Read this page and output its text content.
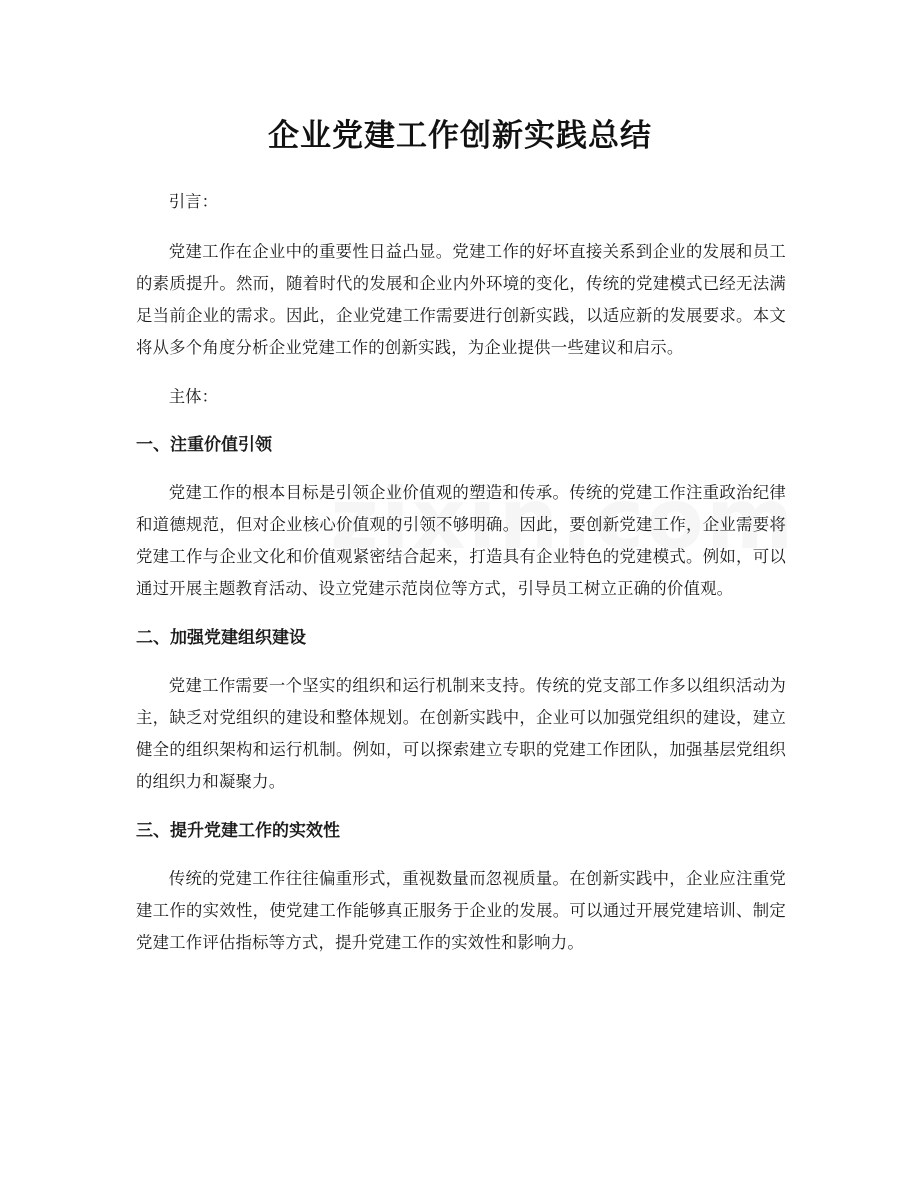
企业党建工作创新实践总结

引言：

党建工作在企业中的重要性日益凸显。党建工作的好坏直接关系到企业的发展和员工的素质提升。然而，随着时代的发展和企业内外环境的变化，传统的党建模式已经无法满足当前企业的需求。因此，企业党建工作需要进行创新实践，以适应新的发展要求。本文将从多个角度分析企业党建工作的创新实践，为企业提供一些建议和启示。

主体：

一、注重价值引领

党建工作的根本目标是引领企业价值观的塑造和传承。传统的党建工作注重政治纪律和道德规范，但对企业核心价值观的引领不够明确。因此，要创新党建工作，企业需要将党建工作与企业文化和价值观紧密结合起来，打造具有企业特色的党建模式。例如，可以通过开展主题教育活动、设立党建示范岗位等方式，引导员工树立正确的价值观。

二、加强党建组织建设

党建工作需要一个坚实的组织和运行机制来支持。传统的党支部工作多以组织活动为主，缺乏对党组织的建设和整体规划。在创新实践中，企业可以加强党组织的建设，建立健全的组织架构和运行机制。例如，可以探索建立专职的党建工作团队，加强基层党组织的组织力和凝聚力。

三、提升党建工作的实效性

传统的党建工作往往偏重形式，重视数量而忽视质量。在创新实践中，企业应注重党建工作的实效性，使党建工作能够真正服务于企业的发展。可以通过开展党建培训、制定党建工作评估指标等方式，提升党建工作的实效性和影响力。
